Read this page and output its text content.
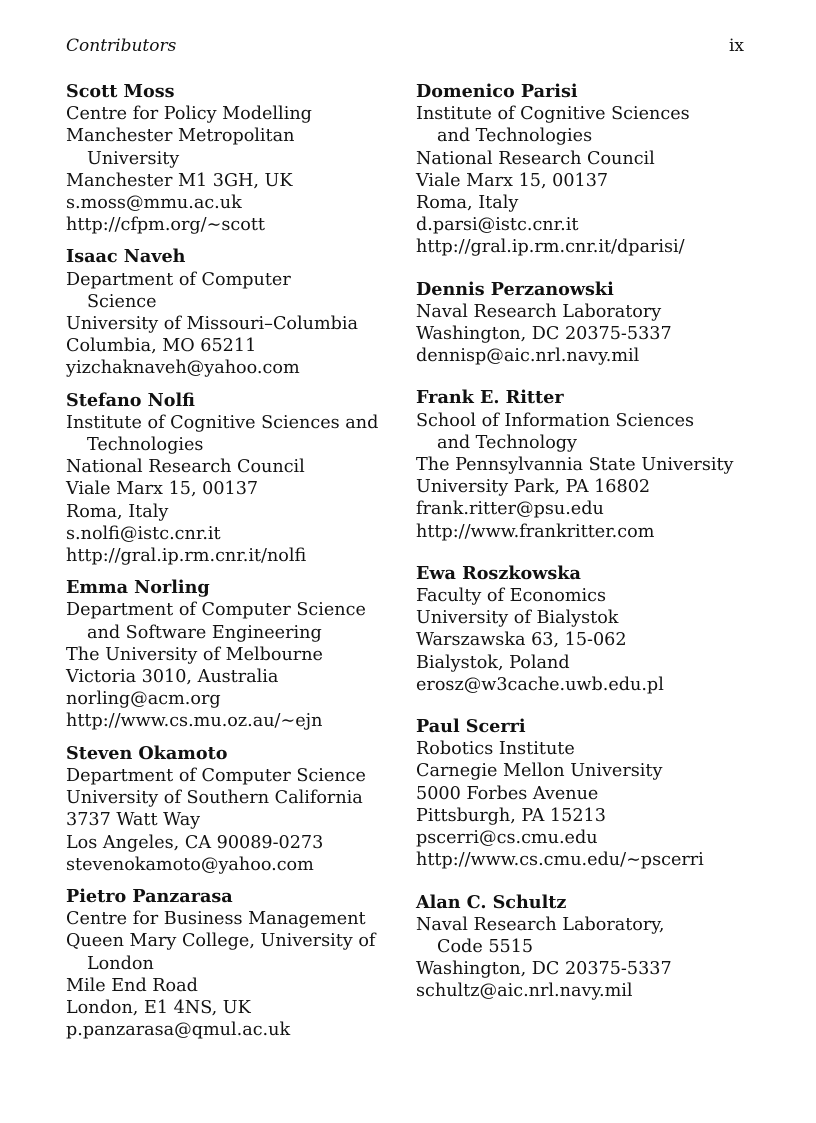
Contributors	ix
Scott Moss
Centre for Policy Modelling
Manchester Metropolitan
University
Manchester M1 3GH, UK
s.moss@mmu.ac.uk
http://cfpm.org/∼scott
Isaac Naveh
Department of Computer
Science
University of Missouri–Columbia
Columbia, MO 65211
yizchaknaveh@yahoo.com
Stefano Nolfi
Institute of Cognitive Sciences and
Technologies
National Research Council
Viale Marx 15, 00137
Roma, Italy
s.nolfi@istc.cnr.it
http://gral.ip.rm.cnr.it/nolfi
Emma Norling
Department of Computer Science
and Software Engineering
The University of Melbourne
Victoria 3010, Australia
norling@acm.org
http://www.cs.mu.oz.au/∼ejn
Steven Okamoto
Department of Computer Science
University of Southern California
3737 Watt Way
Los Angeles, CA 90089-0273
stevenokamoto@yahoo.com
Pietro Panzarasa
Centre for Business Management
Queen Mary College, University of
London
Mile End Road
London, E1 4NS, UK
p.panzarasa@qmul.ac.uk
Domenico Parisi
Institute of Cognitive Sciences
and Technologies
National Research Council
Viale Marx 15, 00137
Roma, Italy
d.parsi@istc.cnr.it
http://gral.ip.rm.cnr.it/dparisi/
Dennis Perzanowski
Naval Research Laboratory
Washington, DC 20375-5337
dennisp@aic.nrl.navy.mil
Frank E. Ritter
School of Information Sciences
and Technology
The Pennsylvannia State University
University Park, PA 16802
frank.ritter@psu.edu
http://www.frankritter.com
Ewa Roszkowska
Faculty of Economics
University of Bialystok
Warszawska 63, 15-062
Bialystok, Poland
erosz@w3cache.uwb.edu.pl
Paul Scerri
Robotics Institute
Carnegie Mellon University
5000 Forbes Avenue
Pittsburgh, PA 15213
pscerri@cs.cmu.edu
http://www.cs.cmu.edu/∼pscerri
Alan C. Schultz
Naval Research Laboratory,
Code 5515
Washington, DC 20375-5337
schultz@aic.nrl.navy.mil
